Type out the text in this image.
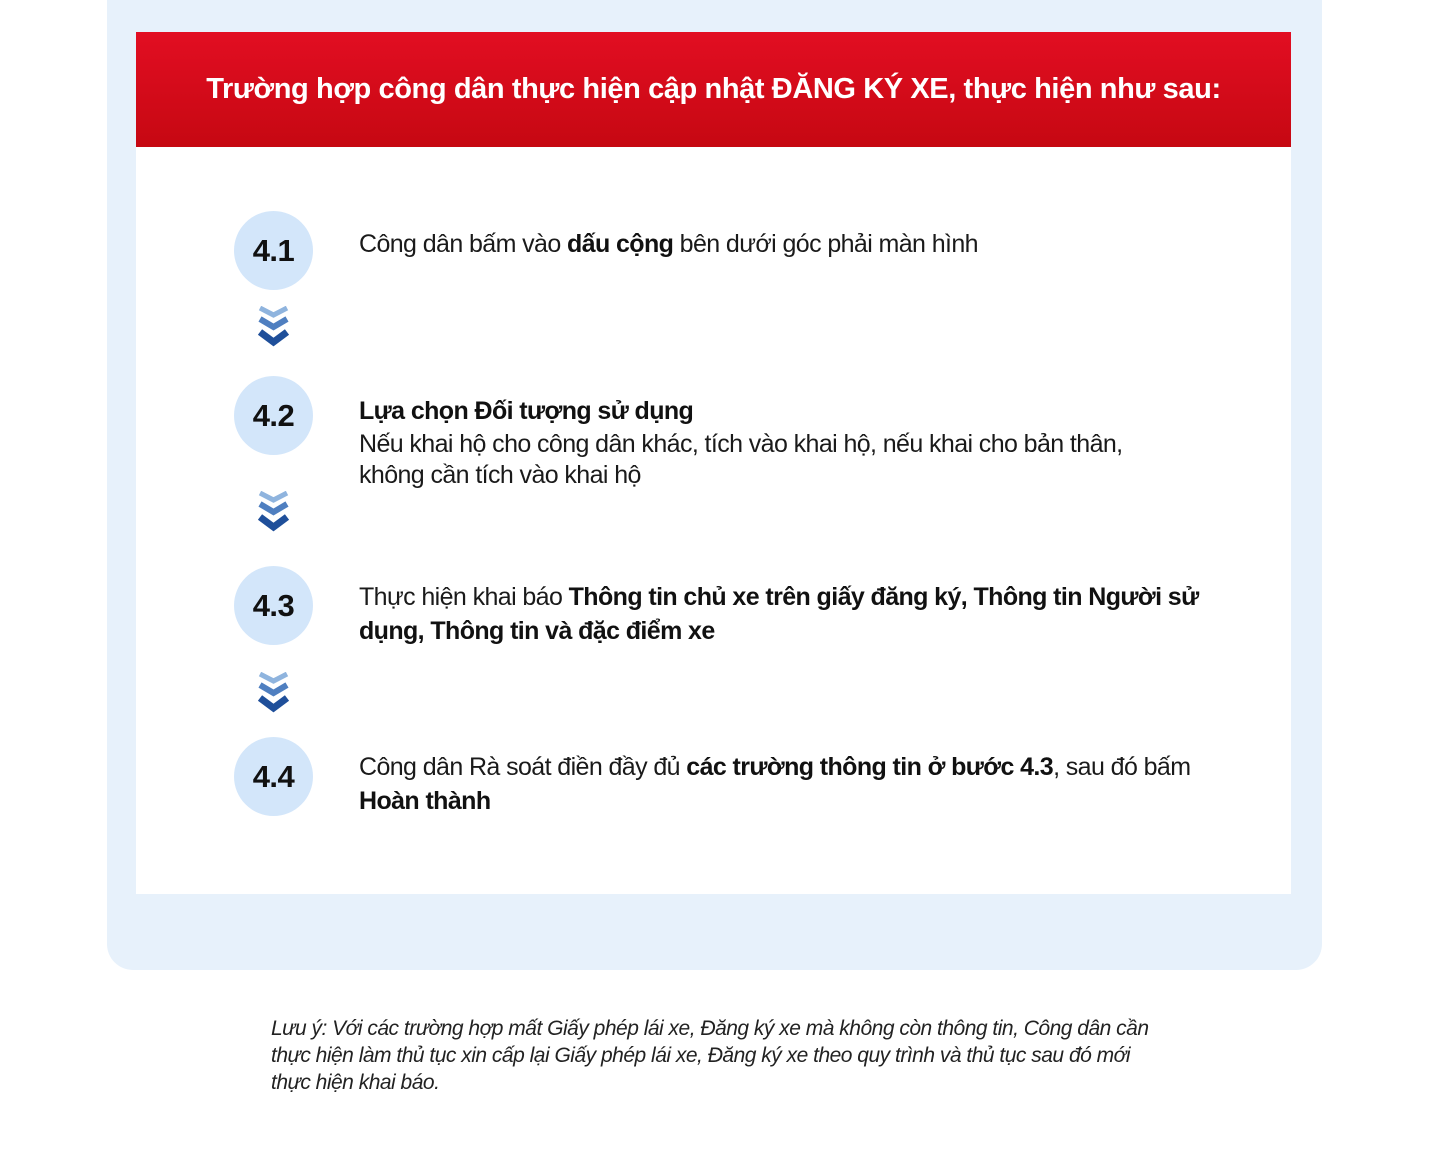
Trường hợp công dân thực hiện cập nhật ĐĂNG KÝ XE, thực hiện như sau:
4.1	Công dân bấm vào dấu cộng bên dưới góc phải màn hình
4.2	Lựa chọn Đối tượng sử dụng
Nếu khai hộ cho công dân khác, tích vào khai hộ, nếu khai cho bản thân, không cần tích vào khai hộ
4.3	Thực hiện khai báo Thông tin chủ xe trên giấy đăng ký, Thông tin Người sử dụng, Thông tin và đặc điểm xe
4.4	Công dân Rà soát điền đầy đủ các trường thông tin ở bước 4.3, sau đó bấm Hoàn thành
Lưu ý: Với các trường hợp mất Giấy phép lái xe, Đăng ký xe mà không còn thông tin, Công dân cần thực hiện làm thủ tục xin cấp lại Giấy phép lái xe, Đăng ký xe theo quy trình và thủ tục sau đó mới thực hiện khai báo.
